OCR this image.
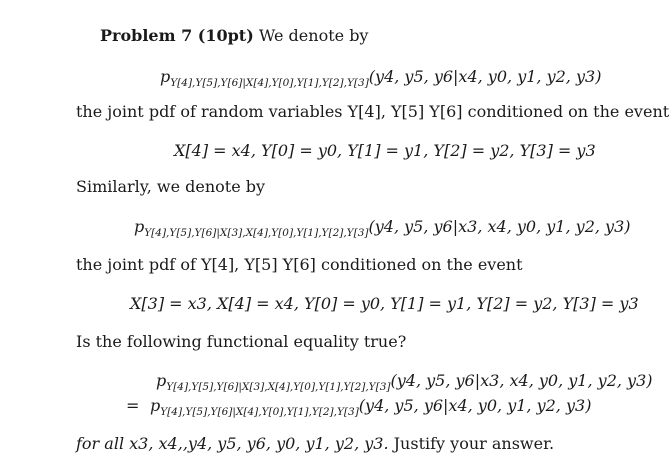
Problem 7 (10pt) We denote by
$p_{Y[4],Y[5],Y[6]|X[4],Y[0],Y[1],Y[2],Y[3]}(y4$, y5, y6|x4, y0, y1, y2, y3)
the joint pdf of random variables Y[4], Y[5] Y[6] conditioned on the event
X[4] = x4, Y[0] = y0, Y[1] = y1, Y[2] = y2, Y[3] = y3
Similarly, we denote by
$p_{Y[4],Y[5],Y[6]|X[3],X[4],Y[0],Y[1],Y[2],Y[3]}(y4$, y5, y6|x3, x4, y0, y1, y2, y3)
the joint pdf of Y[4], Y[5] Y[6] conditioned on the event
X[3] = x3, X[4] = x4, Y[0] = y0, Y[1] = y1, Y[2] = y2, Y[3] = y3
Is the following functional equality true?
$p_{Y[4],Y[5],Y[6]|X[3],X[4],Y[0],Y[1],Y[2],Y[3]}(y4$, y5, y6|x3, x4, y0, y1, y2, y3)
= $p_{Y[4],Y[5],Y[6]|X[4],Y[0],Y[1],Y[2],Y[3]}(y4$, y5, y6|x4, y0, y1, y2, y3)
for all x3, x4,,y4, y5, y6, y0, y1, y2, y3. Justify your answer.
